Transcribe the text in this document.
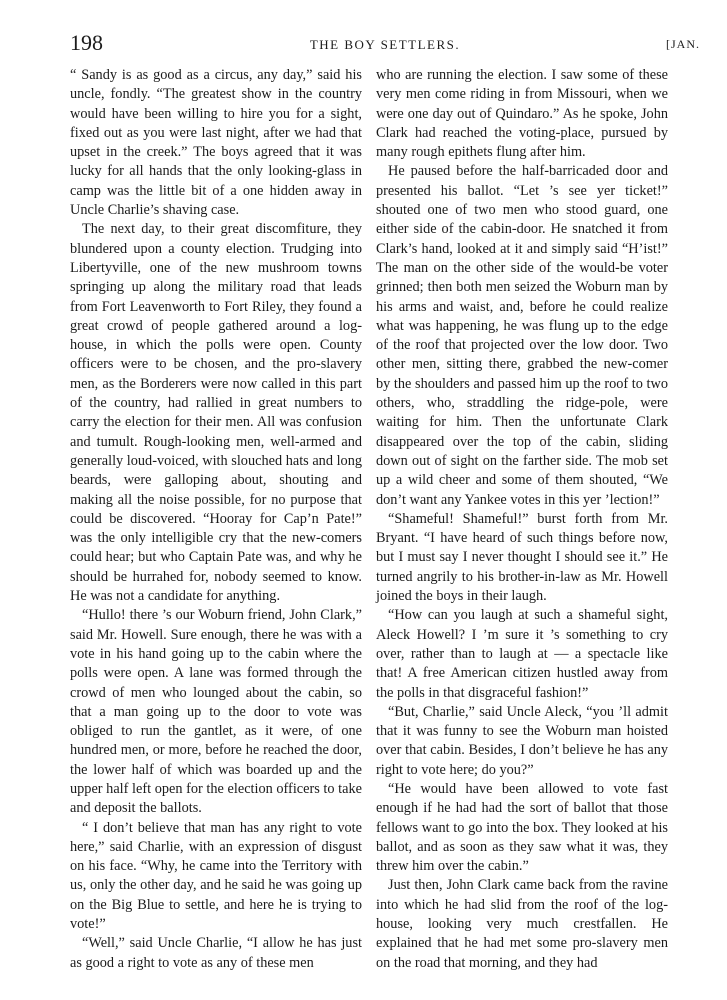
198	THE BOY SETTLERS.	[JAN.

“ Sandy is as good as a circus, any day,” said his uncle, fondly. “The greatest show in the country would have been willing to hire you for a sight, fixed out as you were last night, after we had that upset in the creek.” The boys agreed that it was lucky for all hands that the only looking-glass in camp was the little bit of a one hidden away in Uncle Charlie’s shaving case.

The next day, to their great discomfiture, they blundered upon a county election. Trudging into Libertyville, one of the new mushroom towns springing up along the military road that leads from Fort Leavenworth to Fort Riley, they found a great crowd of people gathered around a log-house, in which the polls were open. County officers were to be chosen, and the pro-slavery men, as the Borderers were now called in this part of the country, had rallied in great numbers to carry the election for their men. All was confusion and tumult. Rough-looking men, well-armed and generally loud-voiced, with slouched hats and long beards, were galloping about, shouting and making all the noise possible, for no purpose that could be discovered. “Hooray for Cap’n Pate!” was the only intelligible cry that the new-comers could hear; but who Captain Pate was, and why he should be hurrahed for, nobody seemed to know. He was not a candidate for anything.

“Hullo! there ’s our Woburn friend, John Clark,” said Mr. Howell. Sure enough, there he was with a vote in his hand going up to the cabin where the polls were open. A lane was formed through the crowd of men who lounged about the cabin, so that a man going up to the door to vote was obliged to run the gantlet, as it were, of one hundred men, or more, before he reached the door, the lower half of which was boarded up and the upper half left open for the election officers to take and deposit the ballots.

“ I don’t believe that man has any right to vote here,” said Charlie, with an expression of disgust on his face. “Why, he came into the Territory with us, only the other day, and he said he was going up on the Big Blue to settle, and here he is trying to vote!”

“Well,” said Uncle Charlie, “I allow he has just as good a right to vote as any of these men

who are running the election. I saw some of these very men come riding in from Missouri, when we were one day out of Quindaro.” As he spoke, John Clark had reached the voting-place, pursued by many rough epithets flung after him.

He paused before the half-barricaded door and presented his ballot. “Let ’s see yer ticket!” shouted one of two men who stood guard, one either side of the cabin-door. He snatched it from Clark’s hand, looked at it and simply said “H’ist!” The man on the other side of the would-be voter grinned; then both men seized the Woburn man by his arms and waist, and, before he could realize what was happening, he was flung up to the edge of the roof that projected over the low door. Two other men, sitting there, grabbed the new-comer by the shoulders and passed him up the roof to two others, who, straddling the ridge-pole, were waiting for him. Then the unfortunate Clark disappeared over the top of the cabin, sliding down out of sight on the farther side. The mob set up a wild cheer and some of them shouted, “We don’t want any Yankee votes in this yer ’lection!”

“Shameful! Shameful!” burst forth from Mr. Bryant. “I have heard of such things before now, but I must say I never thought I should see it.” He turned angrily to his brother-in-law as Mr. Howell joined the boys in their laugh.

“How can you laugh at such a shameful sight, Aleck Howell? I ’m sure it ’s something to cry over, rather than to laugh at — a spectacle like that! A free American citizen hustled away from the polls in that disgraceful fashion!”

“But, Charlie,” said Uncle Aleck, “you ’ll admit that it was funny to see the Woburn man hoisted over that cabin. Besides, I don’t believe he has any right to vote here; do you?”

“He would have been allowed to vote fast enough if he had had the sort of ballot that those fellows want to go into the box. They looked at his ballot, and as soon as they saw what it was, they threw him over the cabin.”

Just then, John Clark came back from the ravine into which he had slid from the roof of the log-house, looking very much crestfallen. He explained that he had met some pro-slavery men on the road that morning, and they had
